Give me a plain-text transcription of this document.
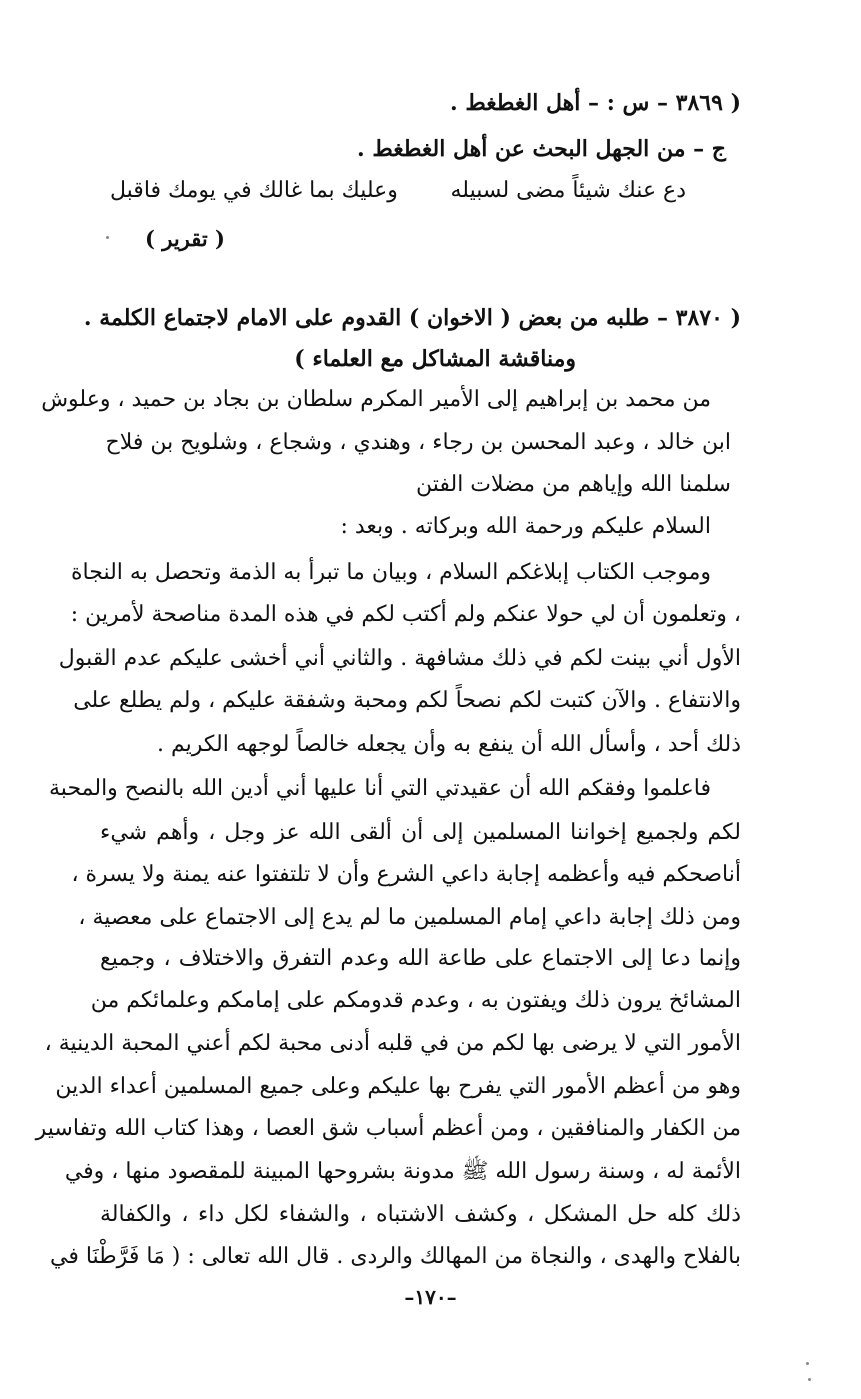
( ٣٨٦٩ – س : – أهل الغطغط .
ج – من الجهل البحث عن أهل الغطغط .
دع عنك شيئاً مضى لسبيله
وعليك بما غالك في يومك فاقبل
( تقرير )
( ٣٨٧٠ – طلبه من بعض ( الاخوان ) القدوم على الامام لاجتماع الكلمة .
ومناقشة المشاكل مع العلماء )
من محمد بن إبراهيم إلى الأمير المكرم سلطان بن بجاد بن حميد ، وعلوش
ابن خالد ، وعبد المحسن بن رجاء ، وهندي ، وشجاع ، وشلويح بن فلاح
سلمنا الله وإياهم من مضلات الفتن
السلام عليكم ورحمة الله وبركاته . وبعد :
وموجب الكتاب إبلاغكم السلام ، وبيان ما تبرأ به الذمة وتحصل به النجاة
، وتعلمون أن لي حولا عنكم ولم أكتب لكم في هذه المدة مناصحة لأمرين :
الأول أني بينت لكم في ذلك مشافهة . والثاني أني أخشى عليكم عدم القبول
والانتفاع . والآن كتبت لكم نصحاً لكم ومحبة وشفقة عليكم ، ولم يطلع على
ذلك أحد ، وأسأل الله أن ينفع به وأن يجعله خالصاً لوجهه الكريم .
فاعلموا وفقكم الله أن عقيدتي التي أنا عليها أني أدين الله بالنصح والمحبة
لكم ولجميع إخواننا المسلمين إلى أن ألقى الله عز وجل ، وأهم شيء
أناصحكم فيه وأعظمه إجابة داعي الشرع وأن لا تلتفتوا عنه يمنة ولا يسرة ،
ومن ذلك إجابة داعي إمام المسلمين ما لم يدع إلى الاجتماع على معصية ،
وإنما دعا إلى الاجتماع على طاعة الله وعدم التفرق والاختلاف ، وجميع
المشائخ يرون ذلك ويفتون به ، وعدم قدومكم على إمامكم وعلمائكم من
الأمور التي لا يرضى بها لكم من في قلبه أدنى محبة لكم أعني المحبة الدينية ،
وهو من أعظم الأمور التي يفرح بها عليكم وعلى جميع المسلمين أعداء الدين
من الكفار والمنافقين ، ومن أعظم أسباب شق العصا ، وهذا كتاب الله وتفاسير
الأئمة له ، وسنة رسول الله ﷺ مدونة بشروحها المبينة للمقصود منها ، وفي
ذلك كله حل المشكل ، وكشف الاشتباه ، والشفاء لكل داء ، والكفالة
بالفلاح والهدى ، والنجاة من المهالك والردى . قال الله تعالى : ( مَا فَرَّطْنَا في
–١٧٠–
